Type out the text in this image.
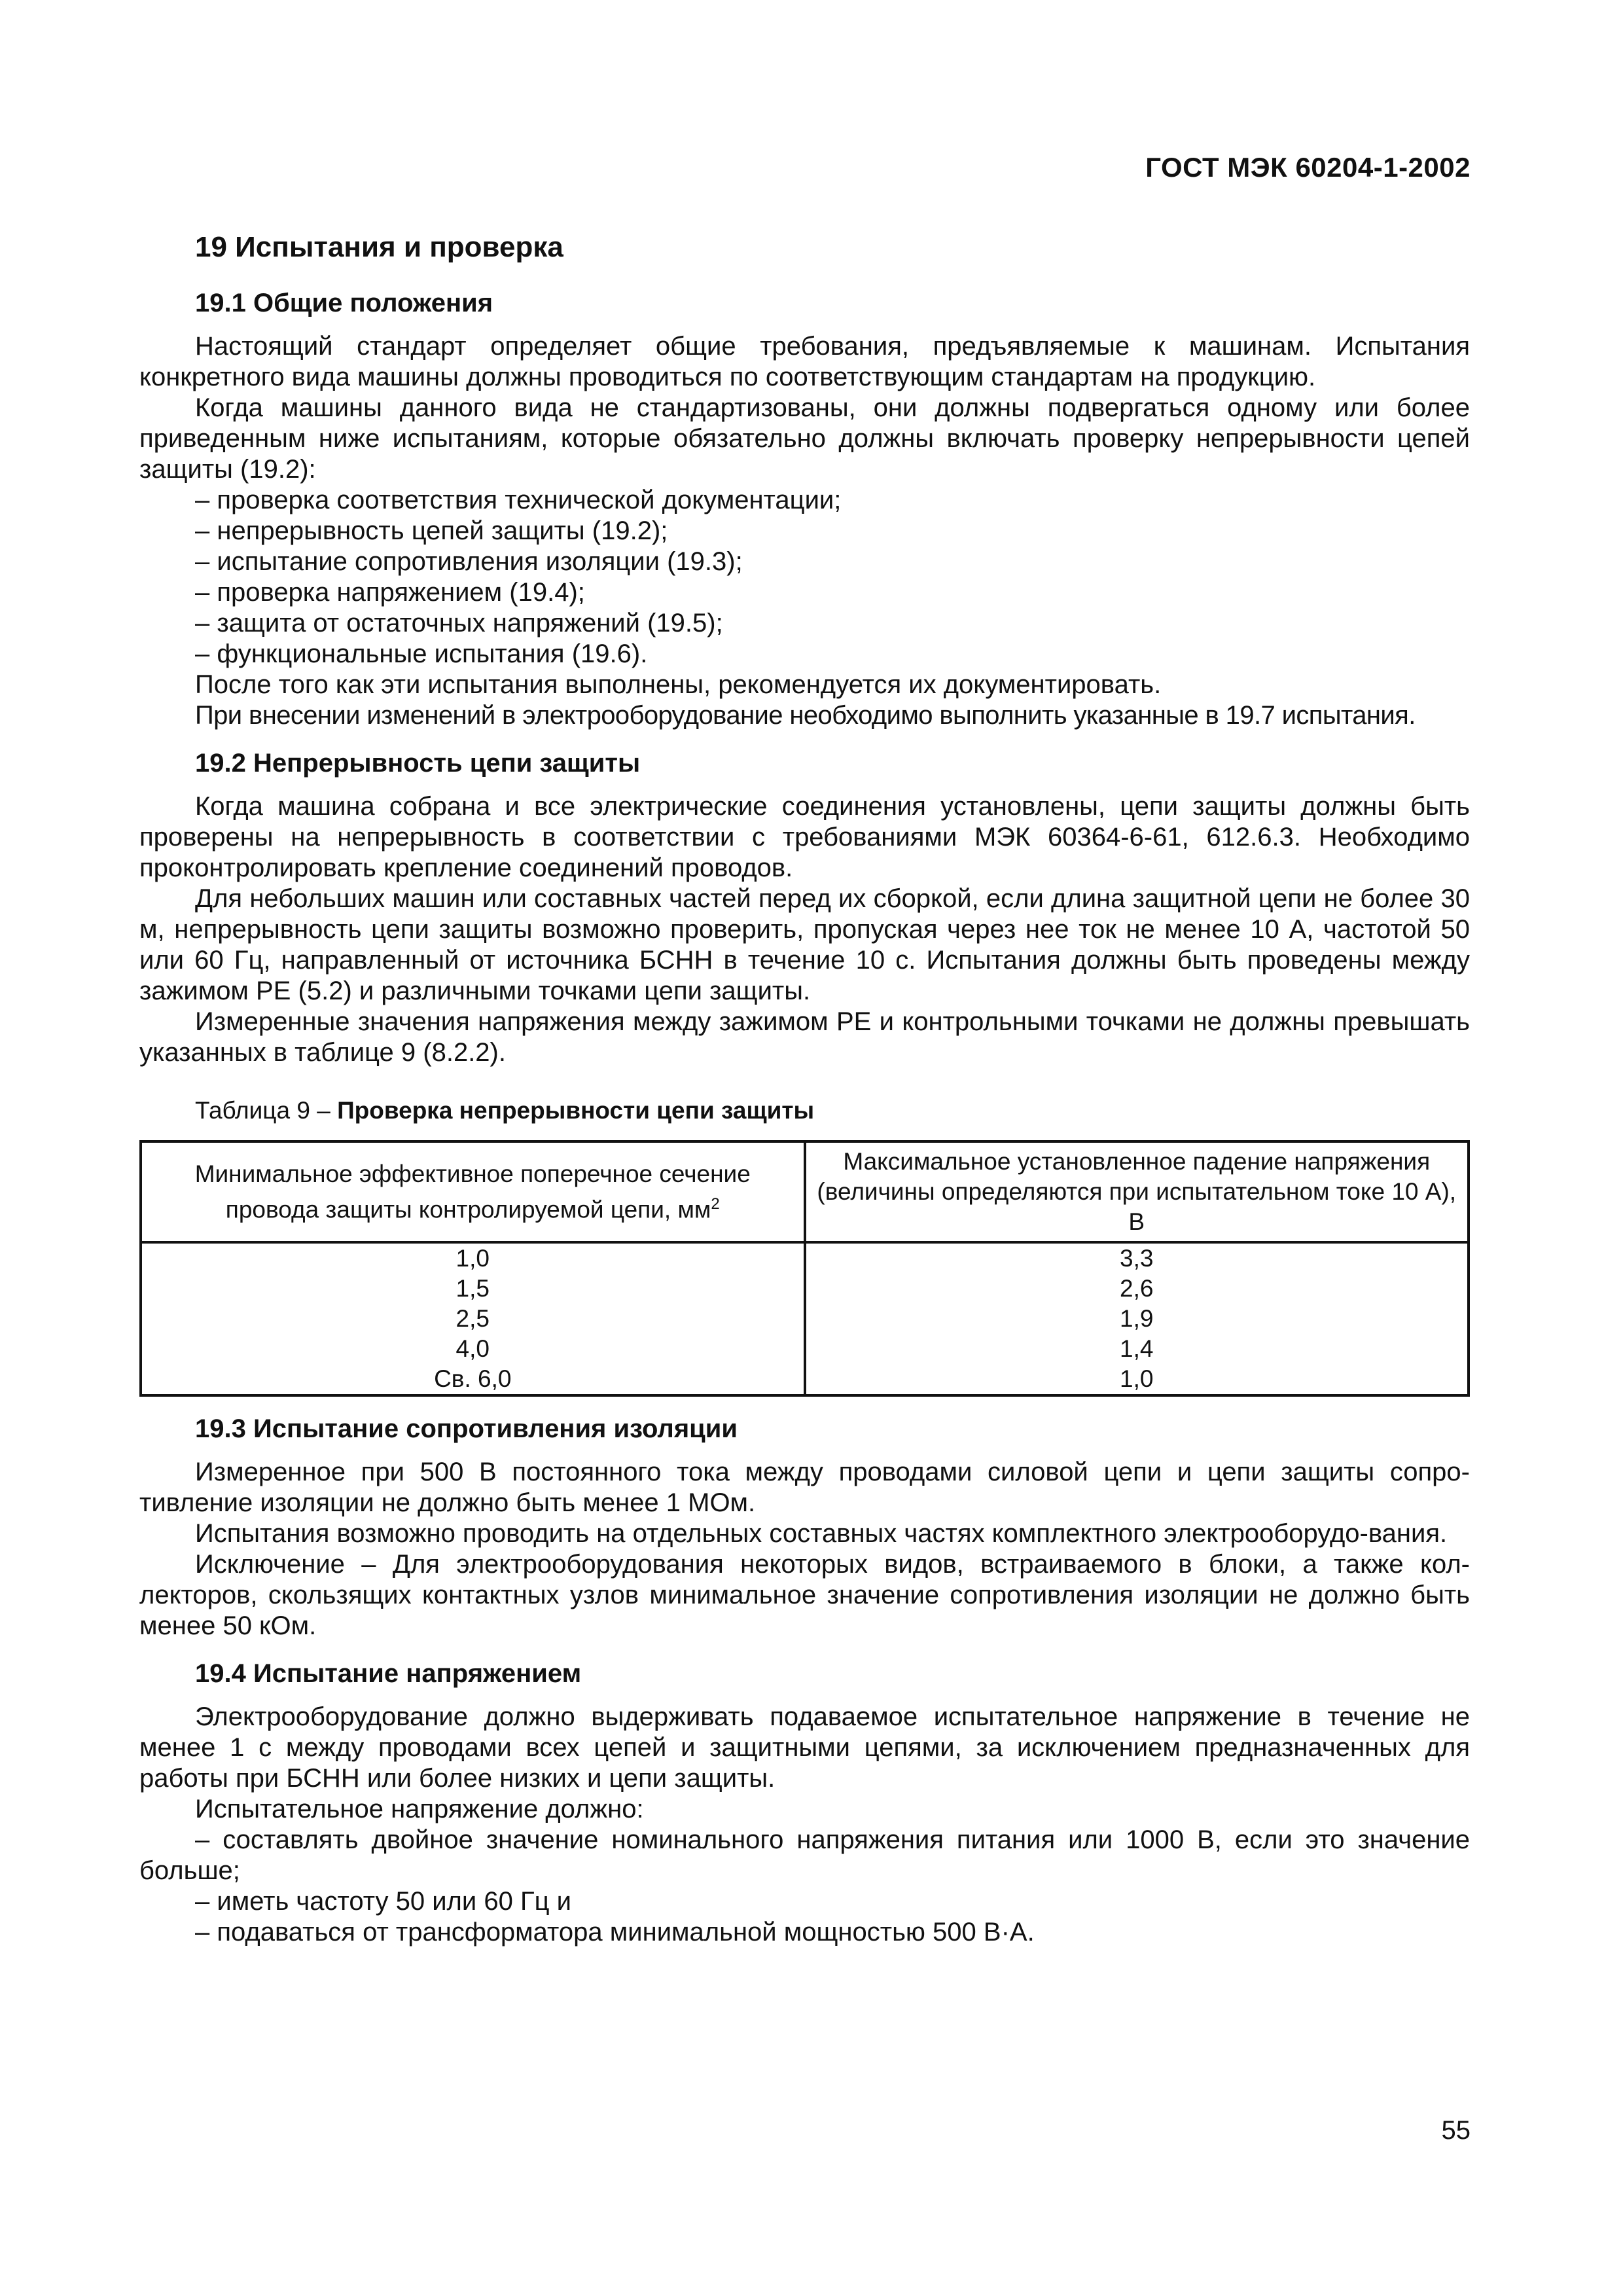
ГОСТ МЭК 60204-1-2002
19 Испытания и проверка
19.1 Общие положения

Настоящий стандарт определяет общие требования, предъявляемые к машинам. Испытания конкретного вида машины должны проводиться по соответствующим стандартам на продукцию.

Когда машины данного вида не стандартизованы, они должны подвергаться одному или более приведенным ниже испытаниям, которые обязательно должны включать проверку непрерывности цепей защиты (19.2):

– проверка соответствия технической документации;
– непрерывность цепей защиты (19.2);
– испытание сопротивления изоляции (19.3);
– проверка напряжением (19.4);
– защита от остаточных напряжений (19.5);
– функциональные испытания (19.6).

После того как эти испытания выполнены, рекомендуется их документировать.

При внесении изменений в электрооборудование необходимо выполнить указанные в 19.7 испытания.

19.2 Непрерывность цепи защиты

Когда машина собрана и все электрические соединения установлены, цепи защиты должны быть проверены на непрерывность в соответствии с требованиями МЭК 60364-6-61, 612.6.3. Необходимо проконтролировать крепление соединений проводов.

Для небольших машин или составных частей перед их сборкой, если длина защитной цепи не более 30 м, непрерывность цепи защиты возможно проверить, пропуская через нее ток не менее 10 А, частотой 50 или 60 Гц, направленный от источника БСНН в течение 10 с. Испытания должны быть проведены между зажимом РЕ (5.2) и различными точками цепи защиты.

Измеренные значения напряжения между зажимом РЕ и контрольными точками не должны превышать указанных в таблице 9 (8.2.2).

Таблица 9 – Проверка непрерывности цепи защиты
Минимальное эффективное поперечное сечение
провода защиты контролируемой цепи, $мм^2$	Максимальное установленное падение напряжения
(величины определяются при испытательном токе 10 А), В
1,0	3,3
1,5	2,6
2,5	1,9
4,0	1,4
Св. 6,0	1,0
19.3 Испытание сопротивления изоляции

Измеренное при 500 В постоянного тока между проводами силовой цепи и цепи защиты сопро-тивление изоляции не должно быть менее 1 МОм.

Испытания возможно проводить на отдельных составных частях комплектного электрооборудо-вания.

Исключение – Для электрооборудования некоторых видов, встраиваемого в блоки, а также кол-лекторов, скользящих контактных узлов минимальное значение сопротивления изоляции не должно быть менее 50 кОм.

19.4 Испытание напряжением

Электрооборудование должно выдерживать подаваемое испытательное напряжение в течение не менее 1 с между проводами всех цепей и защитными цепями, за исключением предназначенных для работы при БСНН или более низких и цепи защиты.

Испытательное напряжение должно:

– составлять двойное значение номинального напряжения питания или 1000 В, если это значение больше;

– иметь частоту 50 или 60 Гц и
– подаваться от трансформатора минимальной мощностью 500 В·А.
55
